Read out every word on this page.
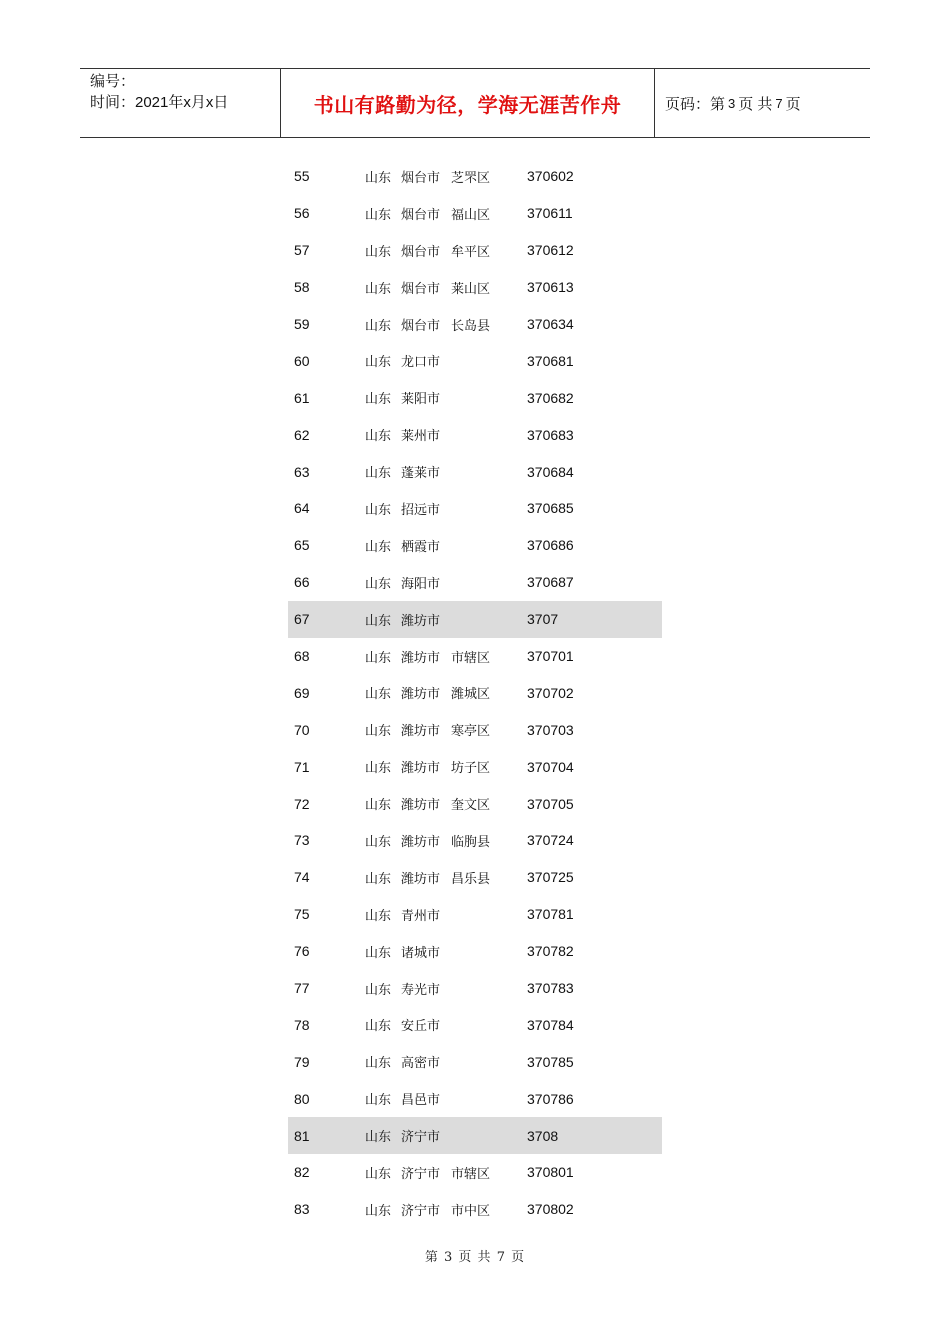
编号：
时间：2021年x月x日	书山有路勤为径，学海无涯苦作舟	页码：第 3 页 共 7 页
55	山东 烟台市 芝罘区	370602
56	山东 烟台市 福山区	370611
57	山东 烟台市 牟平区	370612
58	山东 烟台市 莱山区	370613
59	山东 烟台市 长岛县	370634
60	山东 龙口市	370681
61	山东 莱阳市	370682
62	山东 莱州市	370683
63	山东 蓬莱市	370684
64	山东 招远市	370685
65	山东 栖霞市	370686
66	山东 海阳市	370687
67	山东 潍坊市	3707
68	山东 潍坊市 市辖区	370701
69	山东 潍坊市 潍城区	370702
70	山东 潍坊市 寒亭区	370703
71	山东 潍坊市 坊子区	370704
72	山东 潍坊市 奎文区	370705
73	山东 潍坊市 临朐县	370724
74	山东 潍坊市 昌乐县	370725
75	山东 青州市	370781
76	山东 诸城市	370782
77	山东 寿光市	370783
78	山东 安丘市	370784
79	山东 高密市	370785
80	山东 昌邑市	370786
81	山东 济宁市	3708
82	山东 济宁市 市辖区	370801
83	山东 济宁市 市中区	370802
第 3 页 共 7 页
